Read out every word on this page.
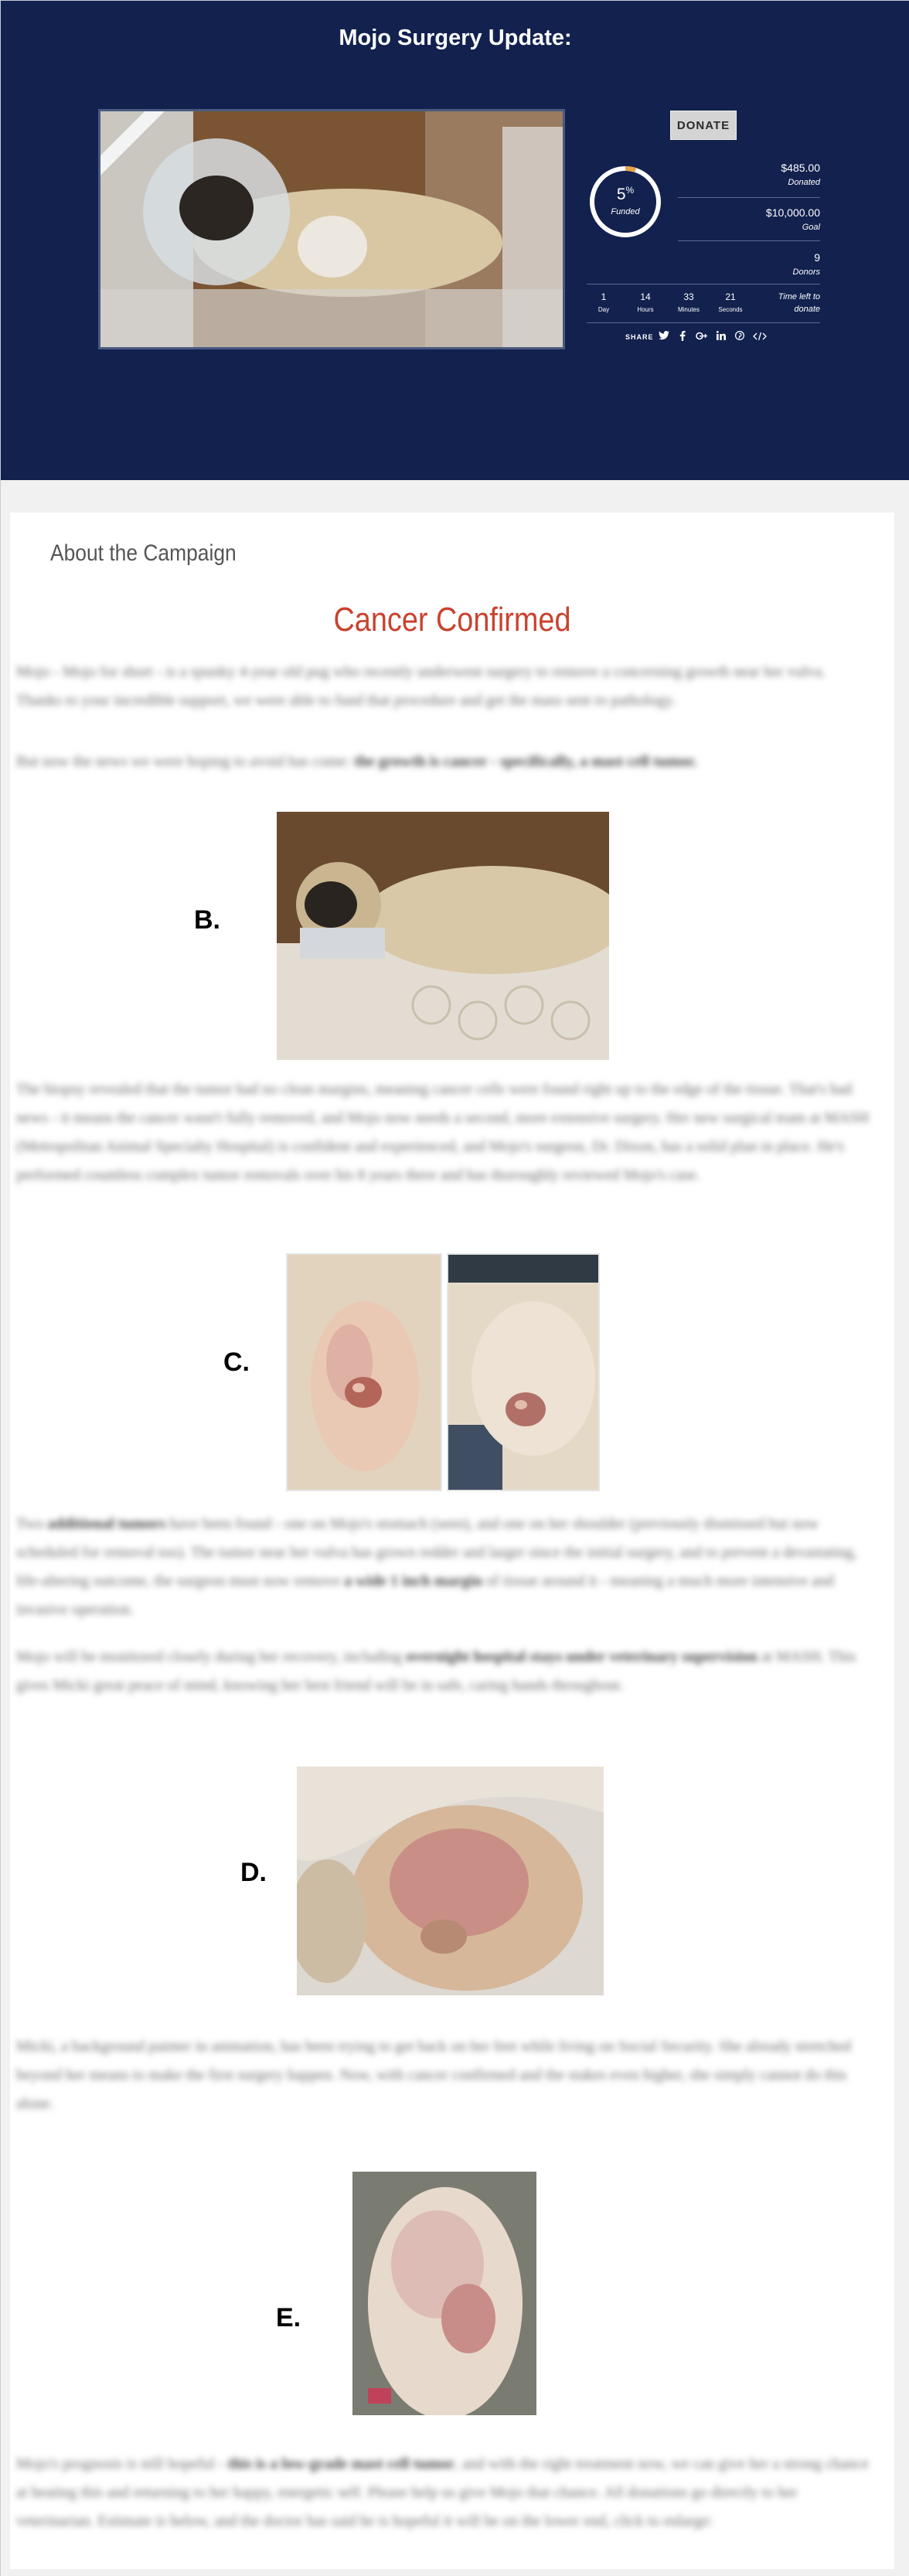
Mojo Surgery Update:
DONATE
5%
Funded
$485.00
Donated
$10,000.00
Goal
9
Donors
1
Day
14
Hours
33
Minutes
21
Seconds
Time left to donate
SHARE
About the Campaign
Cancer Confirmed
Mojo - Mojo for short - is a spunky 4-year old pug who recently underwent surgery to remove a concerning growth near her vulva. Thanks to your incredible support, we were able to fund that procedure and get the mass sent to pathology.
But now the news we were hoping to avoid has come: the growth is cancer - specifically, a mast cell tumor.
B.
The biopsy revealed that the tumor had no clean margins, meaning cancer cells were found right up to the edge of the tissue. That's bad news - it means the cancer wasn't fully removed, and Mojo now needs a second, more extensive surgery. Her new surgical team at MASH (Metropolitan Animal Specialty Hospital) is confident and experienced, and Mojo's surgeon, Dr. Dixon, has a solid plan in place. He's performed countless complex tumor removals over his 8 years there and has thoroughly reviewed Mojo's case.
C.
Two additional tumors have been found - one on Mojo's stomach (seen), and one on her shoulder (previously dismissed but now scheduled for removal too). The tumor near her vulva has grown redder and larger since the initial surgery, and to prevent a devastating, life-altering outcome, the surgeon must now remove a wide 1 inch margin of tissue around it - meaning a much more intensive and invasive operation.
Mojo will be monitored closely during her recovery, including overnight hospital stays under veterinary supervision at MASH. This gives Micki great peace of mind, knowing her best friend will be in safe, caring hands throughout.
D.
Micki, a background painter in animation, has been trying to get back on her feet while living on Social Security. She already stretched beyond her means to make the first surgery happen. Now, with cancer confirmed and the stakes even higher, she simply cannot do this alone.
E.
Mojo's prognosis is still hopeful - this is a low-grade mast cell tumor, and with the right treatment now, we can give her a strong chance at beating this and returning to her happy, energetic self. Please help us give Mojo that chance. All donations go directly to her veterinarian. Estimate is below, and the doctor has said he is hopeful it will be on the lower end, click to enlarge:
